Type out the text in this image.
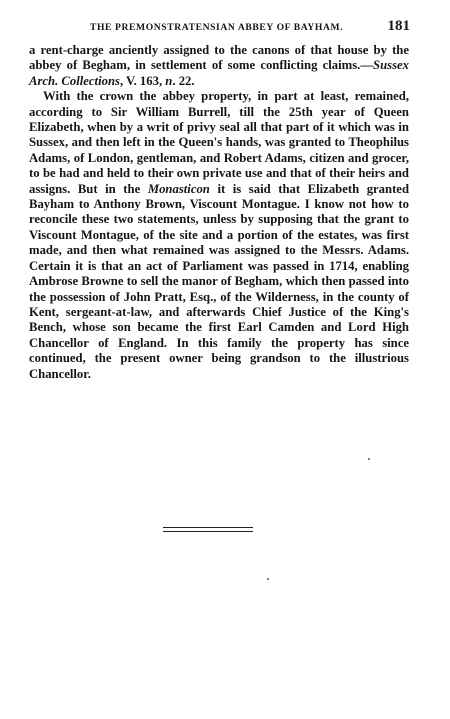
THE PREMONSTRATENSIAN ABBEY OF BAYHAM.	181

a rent-charge anciently assigned to the canons of that house by the abbey of Begham, in settlement of some conflicting claims.—Sussex Arch. Collections, V. 163, n. 22.

With the crown the abbey property, in part at least, remained, according to Sir William Burrell, till the 25th year of Queen Elizabeth, when by a writ of privy seal all that part of it which was in Sussex, and then left in the Queen's hands, was granted to Theophilus Adams, of London, gentleman, and Robert Adams, citizen and grocer, to be had and held to their own private use and that of their heirs and assigns. But in the Monasticon it is said that Elizabeth granted Bayham to Anthony Brown, Viscount Montague. I know not how to reconcile these two statements, unless by supposing that the grant to Viscount Montague, of the site and a portion of the estates, was first made, and then what remained was assigned to the Messrs. Adams. Certain it is that an act of Parliament was passed in 1714, enabling Ambrose Browne to sell the manor of Begham, which then passed into the possession of John Pratt, Esq., of the Wilderness, in the county of Kent, sergeant-at-law, and afterwards Chief Justice of the King's Bench, whose son became the first Earl Camden and Lord High Chancellor of England. In this family the property has since continued, the present owner being grandson to the illustrious Chancellor.
